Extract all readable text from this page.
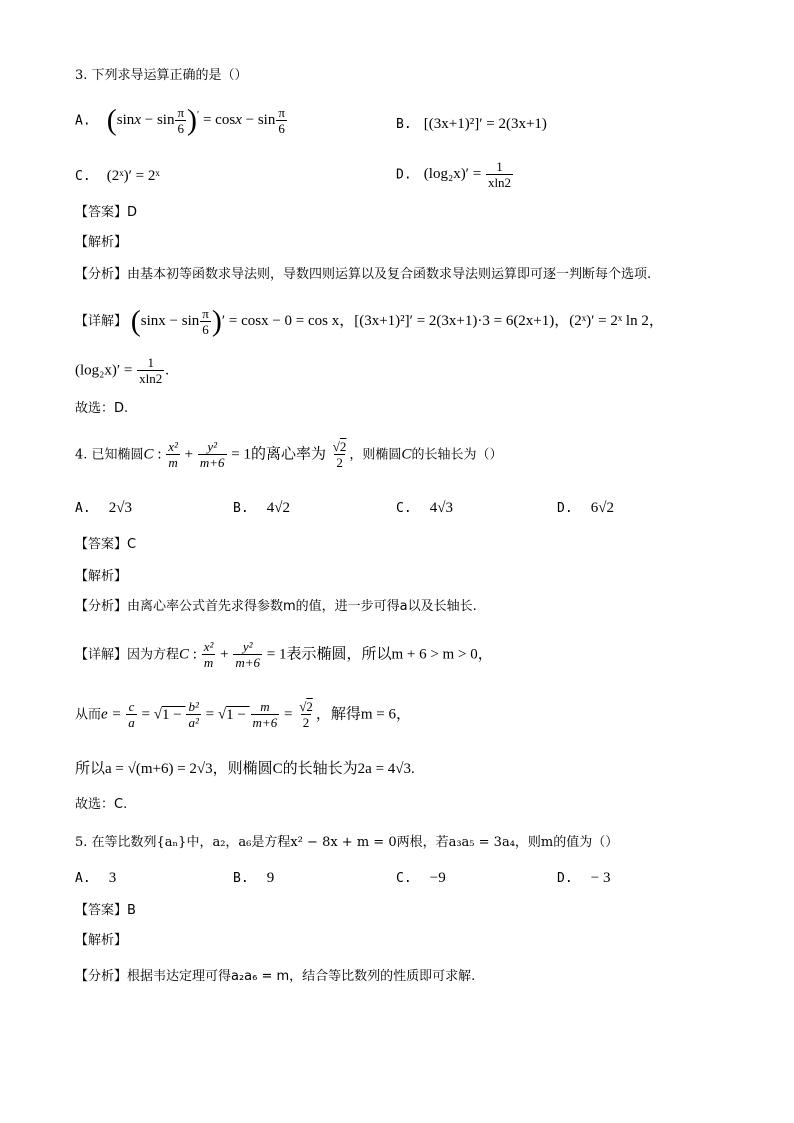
3. 下列求导运算正确的是（）
A. $(\sin x - \sin \frac{\pi}{6} )' = \cos x - \sin \frac{\pi}{6}$	B. [(3x+1)²]′ = 2(3x+1)
C. (2ˣ)′ = 2ˣ	D. $(\log_2x)' = \frac{1}{xln2}$
【答案】D
【解析】
【分析】由基本初等函数求导法则，导数四则运算以及复合函数求导法则运算即可逐一判断每个选项.
【详解】 ($\sin x - \sin \frac{\pi}{6}$ )′ = cosx − 0 = cos x，[(3x+1)²]′ = 2(3x+1)·3 = 6(2x+1)，(2ˣ)′ = 2ˣ ln 2，
$(\log_2x)' = \frac{1}{xln2}$ .
故选：D.
4. 已知椭圆C : $\frac{\text{x²}}{m} + \frac{\text{y²}}{m+6} = 1$的离心率为 √ $\frac{2}{2}$ ，则椭圆C的长轴长为（）
A. 2√3	B. 4√2	C. 4√3	D. 6√2
【答案】C
【解析】
【分析】由离心率公式首先求得参数m的值，进一步可得a以及长轴长.
【详解】因为方程C : $\frac{\text{x²}}{m} + \frac{\text{y²}}{m+6} = 1$表示椭圆，所以m + 6 > m > 0，
从而$e = \frac{c}{a} = √1 - \frac{\text{b²}}{\text{a²}} = √1 - \frac{m}{m+6}$ = √ $\frac{2}{2}$ ，解得m = 6，
所以a = √(m+6) = 2√3，则椭圆C的长轴长为2a = 4√3.
故选：C.
5. 在等比数列{aₙ}中，a₂，a₆是方程x² − 8x + m = 0两根，若a₃a₅ = 3a₄，则m的值为（）
A. 3	B. 9	C. −9	D. − 3
【答案】B
【解析】
【分析】根据韦达定理可得a₂a₆ = m，结合等比数列的性质即可求解.
